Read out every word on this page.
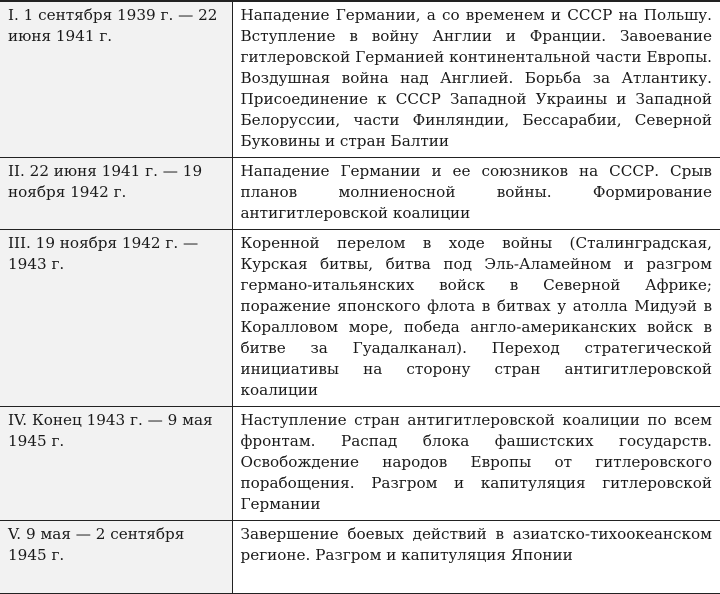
I. 1 сентября 1939 г. — 22 июня 1941 г.	Нападение Германии, а со временем и СССР на Польшу. Вступление в войну Англии и Франции. Завоевание гитлеровской Германией континентальной части Европы. Воздушная война над Англией. Борьба за Атлантику. Присоединение к СССР Западной Украины и Западной Белоруссии, части Финляндии, Бессарабии, Северной Буковины и стран Балтии

II. 22 июня 1941 г. — 19 ноября 1942 г.	Нападение Германии и ее союзников на СССР. Срыв планов молниеносной войны. Формирование антигитлеровской коалиции

III. 19 ноября 1942 г. — 1943 г.	Коренной перелом в ходе войны (Сталинградская, Курская битвы, битва под Эль-Аламейном и разгром германо-итальянских войск в Северной Африке; поражение японского флота в битвах у атолла Мидуэй в Коралловом море, победа англо-американских войск в битве за Гуадалканал). Переход стратегической инициативы на сторону стран антигитлеровской коалиции

IV. Конец 1943 г. — 9 мая 1945 г.	Наступление стран антигитлеровской коалиции по всем фронтам. Распад блока фашистских государств. Освобождение народов Европы от гитлеровского порабощения. Разгром и капитуляция гитлеровской Германии

V. 9 мая — 2 сентября 1945 г.	Завершение боевых действий в азиатско-тихоокеанском регионе. Разгром и капитуляция Японии
